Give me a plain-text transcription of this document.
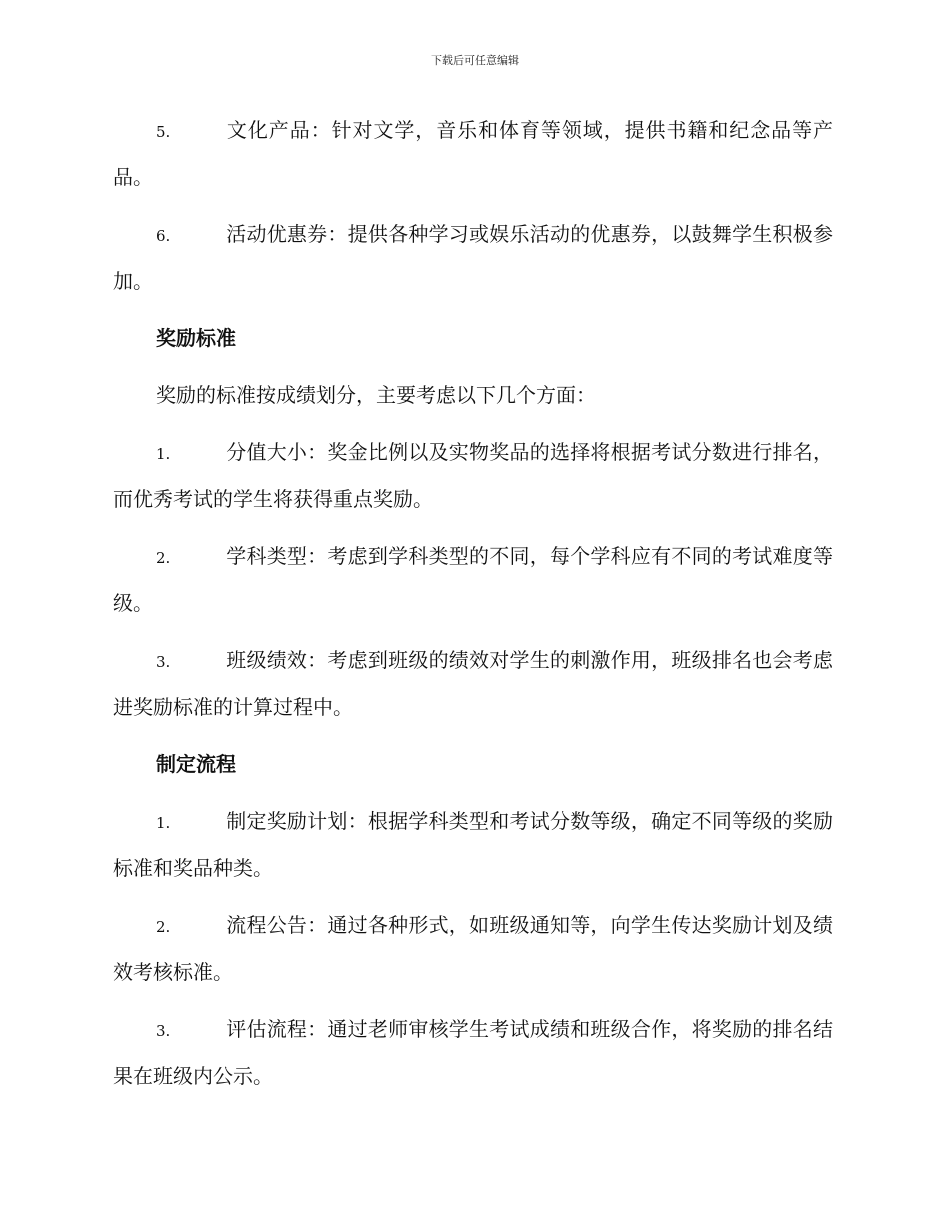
下载后可任意编辑

5.	文化产品：针对文学，音乐和体育等领域，提供书籍和纪念品等产品。

6.	活动优惠券：提供各种学习或娱乐活动的优惠券，以鼓舞学生积极参加。

奖励标准

奖励的标准按成绩划分，主要考虑以下几个方面：

1.	分值大小：奖金比例以及实物奖品的选择将根据考试分数进行排名，而优秀考试的学生将获得重点奖励。

2.	学科类型：考虑到学科类型的不同，每个学科应有不同的考试难度等级。

3.	班级绩效：考虑到班级的绩效对学生的刺激作用，班级排名也会考虑进奖励标准的计算过程中。

制定流程

1.	制定奖励计划：根据学科类型和考试分数等级，确定不同等级的奖励标准和奖品种类。

2.	流程公告：通过各种形式，如班级通知等，向学生传达奖励计划及绩效考核标准。

3.	评估流程：通过老师审核学生考试成绩和班级合作，将奖励的排名结果在班级内公示。
